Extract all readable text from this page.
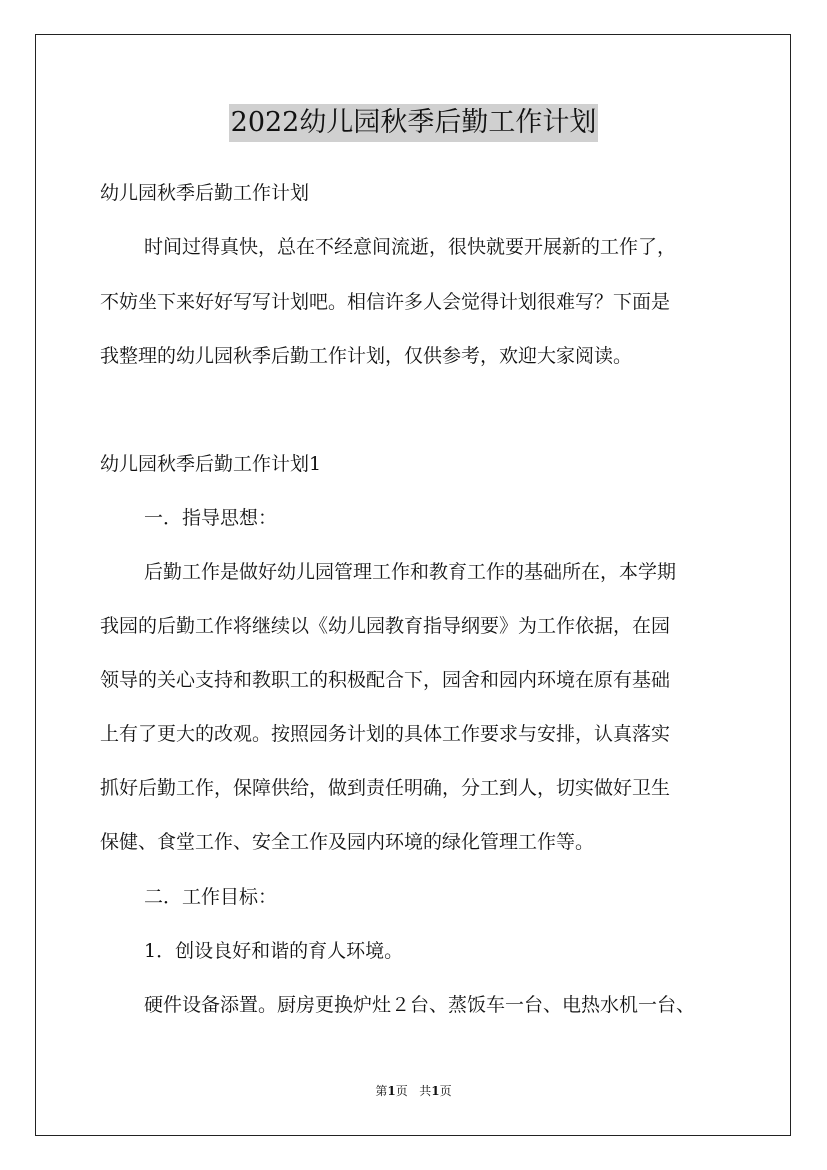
2022幼儿园秋季后勤工作计划
幼儿园秋季后勤工作计划
时间过得真快，总在不经意间流逝，很快就要开展新的工作了，
不妨坐下来好好写写计划吧。相信许多人会觉得计划很难写？下面是
我整理的幼儿园秋季后勤工作计划，仅供参考，欢迎大家阅读。
幼儿园秋季后勤工作计划1
一．指导思想：
后勤工作是做好幼儿园管理工作和教育工作的基础所在，本学期
我园的后勤工作将继续以《幼儿园教育指导纲要》为工作依据，在园
领导的关心支持和教职工的积极配合下，园舍和园内环境在原有基础
上有了更大的改观。按照园务计划的具体工作要求与安排，认真落实
抓好后勤工作，保障供给，做到责任明确，分工到人，切实做好卫生
保健、食堂工作、安全工作及园内环境的绿化管理工作等。
二．工作目标：
1．创设良好和谐的育人环境。
硬件设备添置。厨房更换炉灶２台、蒸饭车一台、电热水机一台、
第1页 共1页
